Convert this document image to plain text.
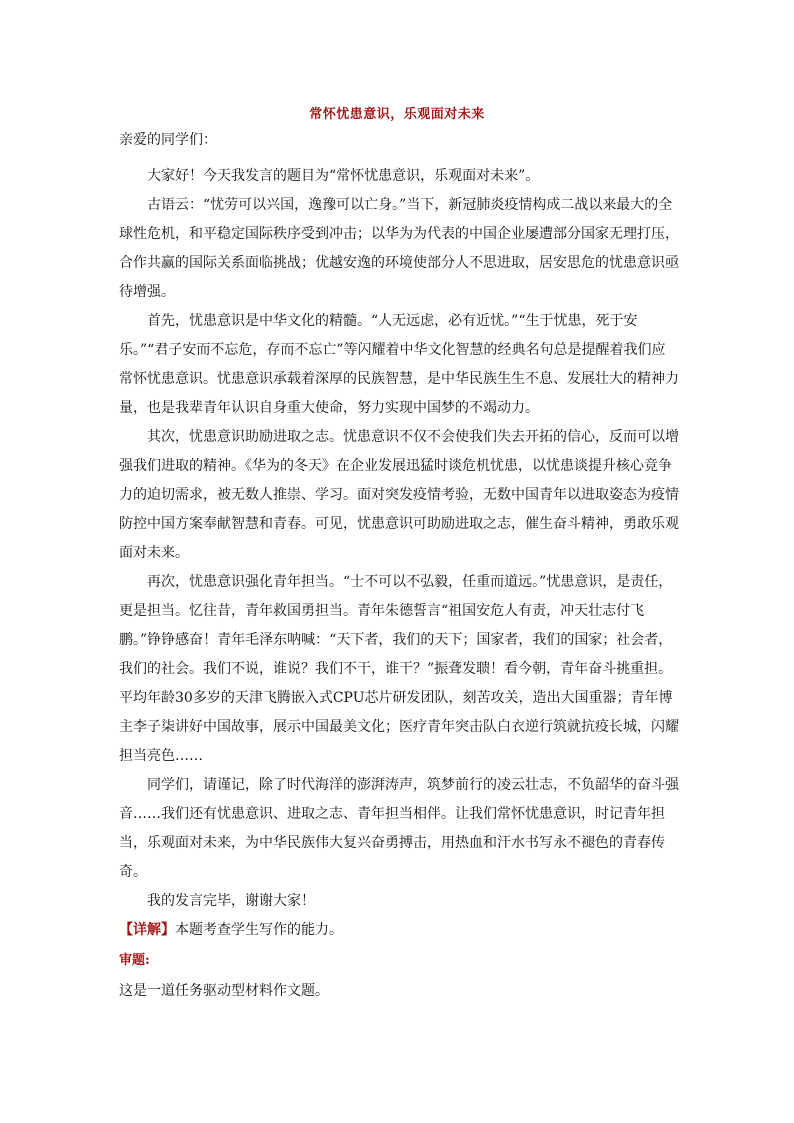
常怀忧患意识，乐观面对未来

亲爱的同学们：

大家好！今天我发言的题目为“常怀忧患意识，乐观面对未来”。

古语云：“忧劳可以兴国，逸豫可以亡身。”当下，新冠肺炎疫情构成二战以来最大的全球性危机，和平稳定国际秩序受到冲击；以华为为代表的中国企业屡遭部分国家无理打压，合作共赢的国际关系面临挑战；优越安逸的环境使部分人不思进取，居安思危的忧患意识亟待增强。

首先，忧患意识是中华文化的精髓。“人无远虑，必有近忧。”“生于忧患，死于安乐。”“君子安而不忘危，存而不忘亡”等闪耀着中华文化智慧的经典名句总是提醒着我们应常怀忧患意识。忧患意识承载着深厚的民族智慧，是中华民族生生不息、发展壮大的精神力量，也是我辈青年认识自身重大使命，努力实现中国梦的不竭动力。

其次，忧患意识助励进取之志。忧患意识不仅不会使我们失去开拓的信心，反而可以增强我们进取的精神。《华为的冬天》在企业发展迅猛时谈危机忧患，以忧患谈提升核心竞争力的迫切需求，被无数人推崇、学习。面对突发疫情考验，无数中国青年以进取姿态为疫情防控中国方案奉献智慧和青春。可见，忧患意识可助励进取之志，催生奋斗精神，勇敢乐观面对未来。

再次，忧患意识强化青年担当。“士不可以不弘毅，任重而道远。”忧患意识，是责任，更是担当。忆往昔，青年救国勇担当。青年朱德誓言“祖国安危人有责，冲天壮志付飞鹏。”铮铮感奋！青年毛泽东呐喊：“天下者，我们的天下；国家者，我们的国家；社会者，我们的社会。我们不说，谁说？我们不干，谁干？”振聋发聩！看今朝，青年奋斗挑重担。平均年龄30多岁的天津飞腾嵌入式CPU芯片研发团队，刻苦攻关，造出大国重器；青年博主李子柒讲好中国故事，展示中国最美文化；医疗青年突击队白衣逆行筑就抗疫长城，闪耀担当亮色……

同学们，请谨记，除了时代海洋的澎湃涛声，筑梦前行的凌云壮志，不负韶华的奋斗强音……我们还有忧患意识、进取之志、青年担当相伴。让我们常怀忧患意识，时记青年担当，乐观面对未来，为中华民族伟大复兴奋勇搏击，用热血和汗水书写永不褪色的青春传奇。

我的发言完毕，谢谢大家！

【详解】本题考查学生写作的能力。

审题:

这是一道任务驱动型材料作文题。
